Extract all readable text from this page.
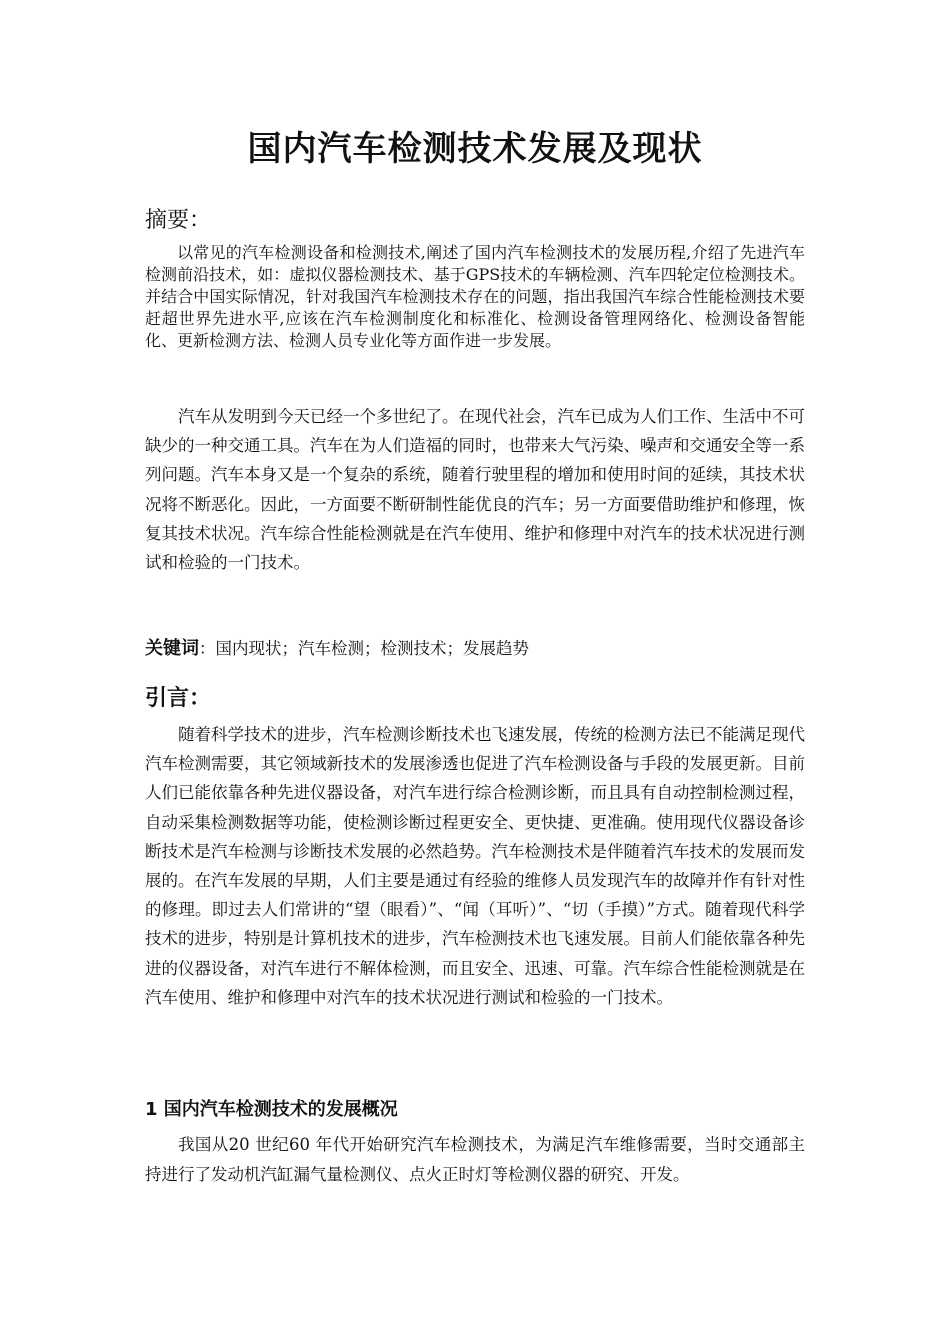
国内汽车检测技术发展及现状
摘要：

以常见的汽车检测设备和检测技术,阐述了国内汽车检测技术的发展历程,介绍了先进汽车检测前沿技术，如：虚拟仪器检测技术、基于GPS技术的车辆检测、汽车四轮定位检测技术。并结合中国实际情况，针对我国汽车检测技术存在的问题，指出我国汽车综合性能检测技术要赶超世界先进水平,应该在汽车检测制度化和标准化、检测设备管理网络化、检测设备智能化、更新检测方法、检测人员专业化等方面作进一步发展。

汽车从发明到今天已经一个多世纪了。在现代社会，汽车已成为人们工作、生活中不可缺少的一种交通工具。汽车在为人们造福的同时，也带来大气污染、噪声和交通安全等一系列问题。汽车本身又是一个复杂的系统，随着行驶里程的增加和使用时间的延续，其技术状况将不断恶化。因此，一方面要不断研制性能优良的汽车；另一方面要借助维护和修理，恢复其技术状况。汽车综合性能检测就是在汽车使用、维护和修理中对汽车的技术状况进行测试和检验的一门技术。

关键词：国内现状；汽车检测；检测技术；发展趋势
引言：

随着科学技术的进步，汽车检测诊断技术也飞速发展，传统的检测方法已不能满足现代汽车检测需要，其它领域新技术的发展渗透也促进了汽车检测设备与手段的发展更新。目前人们已能依靠各种先进仪器设备，对汽车进行综合检测诊断，而且具有自动控制检测过程，自动采集检测数据等功能，使检测诊断过程更安全、更快捷、更准确。使用现代仪器设备诊断技术是汽车检测与诊断技术发展的必然趋势。汽车检测技术是伴随着汽车技术的发展而发展的。在汽车发展的早期，人们主要是通过有经验的维修人员发现汽车的故障并作有针对性的修理。即过去人们常讲的“望（眼看）”、“闻（耳听）”、“切（手摸）”方式。随着现代科学技术的进步，特别是计算机技术的进步，汽车检测技术也飞速发展。目前人们能依靠各种先进的仪器设备，对汽车进行不解体检测，而且安全、迅速、可靠。汽车综合性能检测就是在汽车使用、维护和修理中对汽车的技术状况进行测试和检验的一门技术。

1 国内汽车检测技术的发展概况

我国从20 世纪60 年代开始研究汽车检测技术，为满足汽车维修需要，当时交通部主持进行了发动机汽缸漏气量检测仪、点火正时灯等检测仪器的研究、开发。
